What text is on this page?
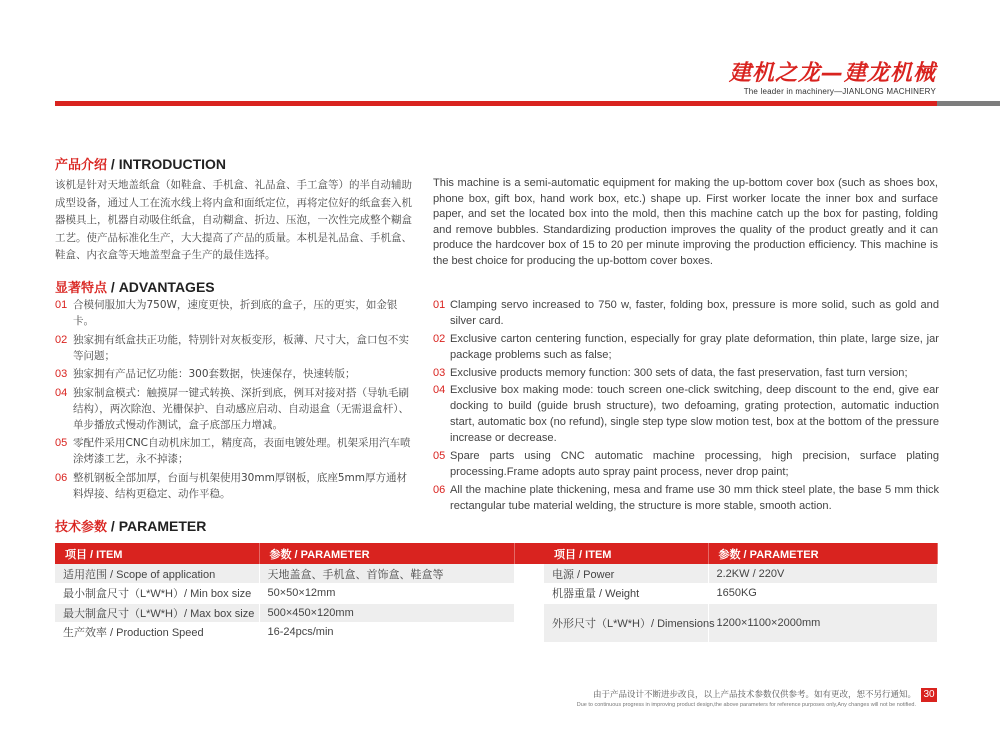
建机之龙—建龙机械
The leader in machinery—JIANLONG MACHINERY
产品介绍 / INTRODUCTION
该机是针对天地盖纸盒（如鞋盒、手机盒、礼品盒、手工盒等）的半自动辅助成型设备，通过人工在流水线上将内盒和面纸定位，再将定位好的纸盒套入机器模具上，机器自动吸住纸盒，自动糊盒、折边、压泡，一次性完成整个糊盒工艺。使产品标准化生产，大大提高了产品的质量。本机是礼品盒、手机盒、鞋盒、内衣盒等天地盖型盒子生产的最佳选择。
This machine is a semi-automatic equipment for making the up-bottom cover box (such as shoes box, phone box, gift box, hand work box, etc.) shape up. First worker locate the inner box and surface paper, and set the located box into the mold, then this machine catch up the box for pasting, folding and remove bubbles. Standardizing production improves the quality of the product greatly and it can produce the hardcover box of 15 to 20 per minute improving the production efficiency. This machine is the best choice for producing the up-bottom cover boxes.
显著特点 / ADVANTAGES
01 合模伺服加大为750W，速度更快，折到底的盒子，压的更实，如金银卡。
02 独家拥有纸盒扶正功能，特别针对灰板变形，板薄、尺寸大，盒口包不实等问题；
03 独家拥有产品记忆功能：300套数据，快速保存，快速转版；
04 独家制盒模式：触摸屏一键式转换、深折到底，例耳对接对搭（导轨毛刷结构），两次除泡、光栅保护、自动感应启动、自动退盒（无需退盒杆）、单步播放式慢动作测试，盒子底部压力增减。
05 零配件采用CNC自动机床加工，精度高，表面电镀处理。机架采用汽车喷涂烤漆工艺，永不掉漆；
06 整机钢板全部加厚，台面与机架使用30mm厚钢板，底座5mm厚方通材料焊接、结构更稳定、动作平稳。
01 Clamping servo increased to 750 w, faster, folding box, pressure is more solid, such as gold and silver card.
02 Exclusive carton centering function, especially for gray plate deformation, thin plate, large size, jar package problems such as false;
03 Exclusive products memory function: 300 sets of data, the fast preservation, fast turn version;
04 Exclusive box making mode: touch screen one-click switching, deep discount to the end, give ear docking to build (guide brush structure), two defoaming, grating protection, automatic induction start, automatic box (no refund), single step type slow motion test, box at the bottom of the pressure increase or decrease.
05 Spare parts using CNC automatic machine processing, high precision, surface plating processing.Frame adopts auto spray paint process, never drop paint;
06 All the machine plate thickening, mesa and frame use 30 mm thick steel plate, the base 5 mm thick rectangular tube material welding, the structure is more stable, smooth action.
技术参数 / PARAMETER
项目 / ITEM	参数 / PARAMETER		项目 / ITEM	参数 / PARAMETER
适用范围 / Scope of application	天地盖盒、手机盒、首饰盒、鞋盒等		电源 / Power	2.2KW / 220V
最小制盒尺寸（L*W*H）/ Min box size	50×50×12mm		机器重量 / Weight	1650KG
最大制盒尺寸（L*W*H）/ Max box size	500×450×120mm		外形尺寸（L*W*H）/ Dimensions	1200×1100×2000mm
生产效率 / Production Speed	16-24pcs/min			
由于产品设计不断进步改良，以上产品技术参数仅供参考。如有更改，恕不另行通知。
Due to continuous progress in improving product design,the above parameters for reference purposes only,Any changes will not be notified.
30
